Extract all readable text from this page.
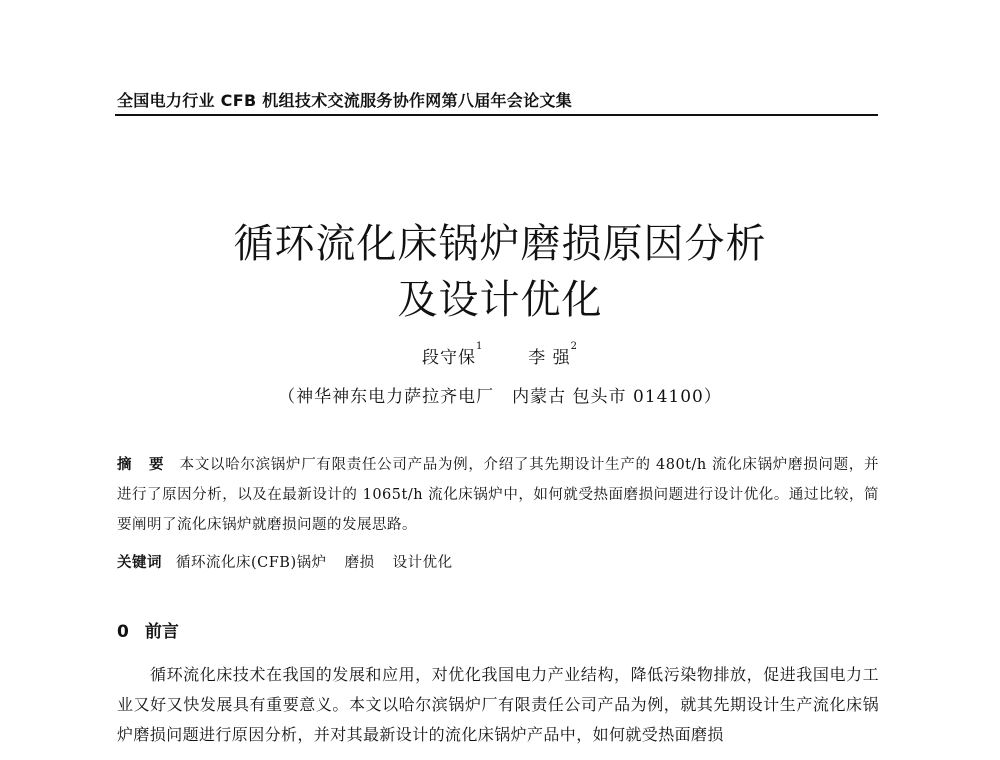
全国电力行业 CFB 机组技术交流服务协作网第八届年会论文集
循环流化床锅炉磨损原因分析
及设计优化
段守保$^1$  李 强$^2$
（神华神东电力萨拉齐电厂　内蒙古 包头市 014100）
摘 要 本文以哈尔滨锅炉厂有限责任公司产品为例，介绍了其先期设计生产的 480t/h 流化床锅炉磨损问题，并进行了原因分析，以及在最新设计的 1065t/h 流化床锅炉中，如何就受热面磨损问题进行设计优化。通过比较，简要阐明了流化床锅炉就磨损问题的发展思路。
关键词 循环流化床(CFB)锅炉 磨损 设计优化
0 前言
循环流化床技术在我国的发展和应用，对优化我国电力产业结构，降低污染物排放，促进我国电力工业又好又快发展具有重要意义。本文以哈尔滨锅炉厂有限责任公司产品为例，就其先期设计生产流化床锅炉磨损问题进行原因分析，并对其最新设计的流化床锅炉产品中，如何就受热面磨损
